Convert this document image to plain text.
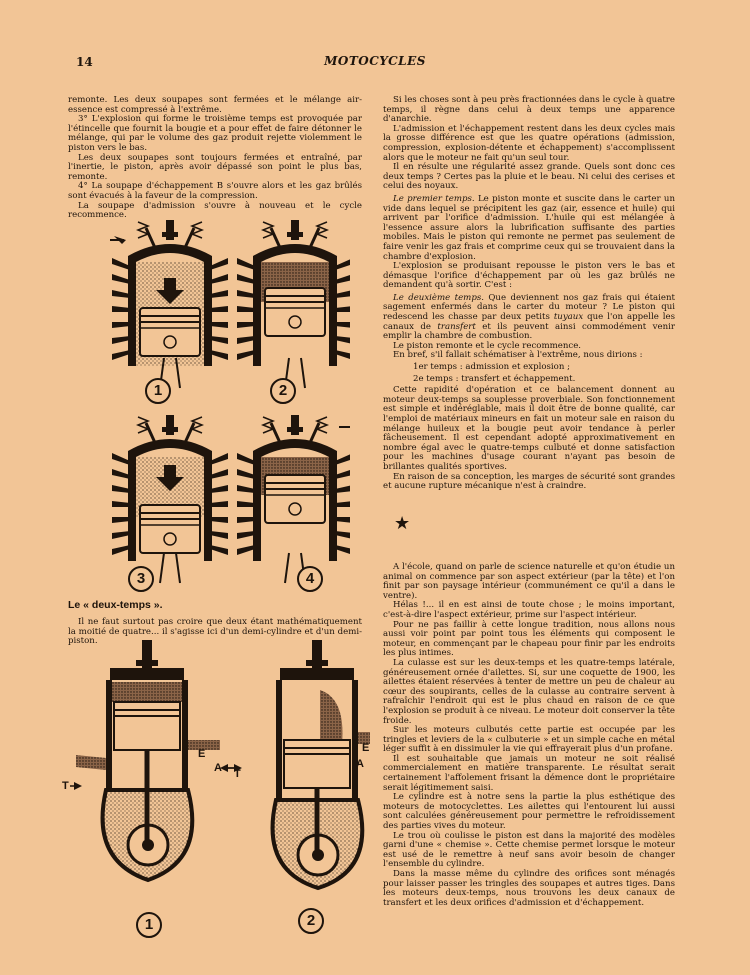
14	MOTOCYCLES

remonte. Les deux soupapes sont fermées et le mélange air-essence est compressé à l'extrême.

3° L'explosion qui forme le troisième temps est provoquée par l'étincelle que fournit la bougie et a pour effet de faire détonner le mélange, qui par le volume des gaz produit rejette violemment le piston vers le bas.

Les deux soupapes sont toujours fermées et entraîné, par l'inertie, le piston, après avoir dépassé son point le plus bas, remonte.

4° La soupape d'échappement B s'ouvre alors et les gaz brûlés sont évacués à la faveur de la compression.

La soupape d'admission s'ouvre à nouveau et le cycle recommence.

1	2
3	4

Si les choses sont à peu près fractionnées dans le cycle à quatre temps, il règne dans celui à deux temps une apparence d'anarchie.

L'admission et l'échappement restent dans les deux cycles mais la grosse différence est que les quatre opérations (admission, compression, explosion-détente et échappement) s'accomplissent alors que le moteur ne fait qu'un seul tour.

Il en résulte une régularité assez grande. Quels sont donc ces deux temps ? Certes pas la pluie et le beau. Ni celui des cerises et celui des noyaux.

Le premier temps. Le piston monte et suscite dans le carter un vide dans lequel se précipitent les gaz (air, essence et huile) qui arrivent par l'orifice d'admission. L'huile qui est mélangée à l'essence assure alors la lubrification suffisante des parties mobiles. Mais le piston qui remonte ne permet pas seulement de faire venir les gaz frais et comprime ceux qui se trouvaient dans la chambre d'explosion.

L'explosion se produisant repousse le piston vers le bas et démasque l'orifice d'échappement par où les gaz brûlés ne demandent qu'à sortir. C'est :

Le deuxième temps. Que deviennent nos gaz frais qui étaient sagement enfermés dans le carter du moteur ? Le piston qui redescend les chasse par deux petits tuyaux que l'on appelle les canaux de transfert et ils peuvent ainsi commodément venir emplir la chambre de combustion.

Le piston remonte et le cycle recommence.

En bref, s'il fallait schématiser à l'extrême, nous dirions :

1er temps : admission et explosion ;

2e temps : transfert et échappement.

Cette rapidité d'opération et ce balancement donnent au moteur deux-temps sa souplesse proverbiale. Son fonctionnement est simple et indéréglable, mais il doit être de bonne qualité, car l'emploi de matériaux mineurs en fait un moteur sale en raison du mélange huileux et la bougie peut avoir tendance à perler fâcheusement. Il est cependant adopté approximativement en nombre égal avec le quatre-temps culbuté et donne satisfaction pour les machines d'usage courant n'ayant pas besoin de brillantes qualités sportives.

En raison de sa conception, les marges de sécurité sont grandes et aucune rupture mécanique n'est à craindre.

★
Le « deux-temps ».

Il ne faut surtout pas croire que deux étant mathématiquement la moitié de quatre... il s'agisse ici d'un demi-cylindre et d'un demi-piston.

E
A T
T
E
A
1	2

A l'école, quand on parle de science naturelle et qu'on étudie un animal on commence par son aspect extérieur (par la tête) et l'on finit par son paysage intérieur (communément ce qu'il a dans le ventre).

Hélas !... il en est ainsi de toute chose ; le moins important, c'est-à-dire l'aspect extérieur, prime sur l'aspect intérieur.

Pour ne pas faillir à cette longue tradition, nous allons nous aussi voir point par point tous les éléments qui composent le moteur, en commençant par le chapeau pour finir par les endroits les plus intimes.

La culasse est sur les deux-temps et les quatre-temps latérale, généreusement ornée d'ailettes. Si, sur une coquette de 1900, les ailettes étaient réservées à tenter de mettre un peu de chaleur au cœur des soupirants, celles de la culasse au contraire servent à rafraîchir l'endroit qui est le plus chaud en raison de ce que l'explosion se produit à ce niveau. Le moteur doit conserver la tête froide.

Sur les moteurs culbutés cette partie est occupée par les tringles et leviers de la « culbuterie » et un simple cache en métal léger suffit à en dissimuler la vie qui effrayerait plus d'un profane.

Il est souhaitable que jamais un moteur ne soit réalisé commercialement en matière transparente. Le résultat serait certainement l'affolement frisant la démence dont le propriétaire serait légitimement saisi.

Le cylindre est à notre sens la partie la plus esthétique des moteurs de motocyclettes. Les ailettes qui l'entourent lui aussi sont calculées généreusement pour permettre le refroidissement des parties vives du moteur.

Le trou où coulisse le piston est dans la majorité des modèles garni d'une « chemise ». Cette chemise permet lorsque le moteur est usé de le remettre à neuf sans avoir besoin de changer l'ensemble du cylindre.

Dans la masse même du cylindre des orifices sont ménagés pour laisser passer les tringles des soupapes et autres tiges. Dans les moteurs deux-temps, nous trouvons les deux canaux de transfert et les deux orifices d'admission et d'échappement.
